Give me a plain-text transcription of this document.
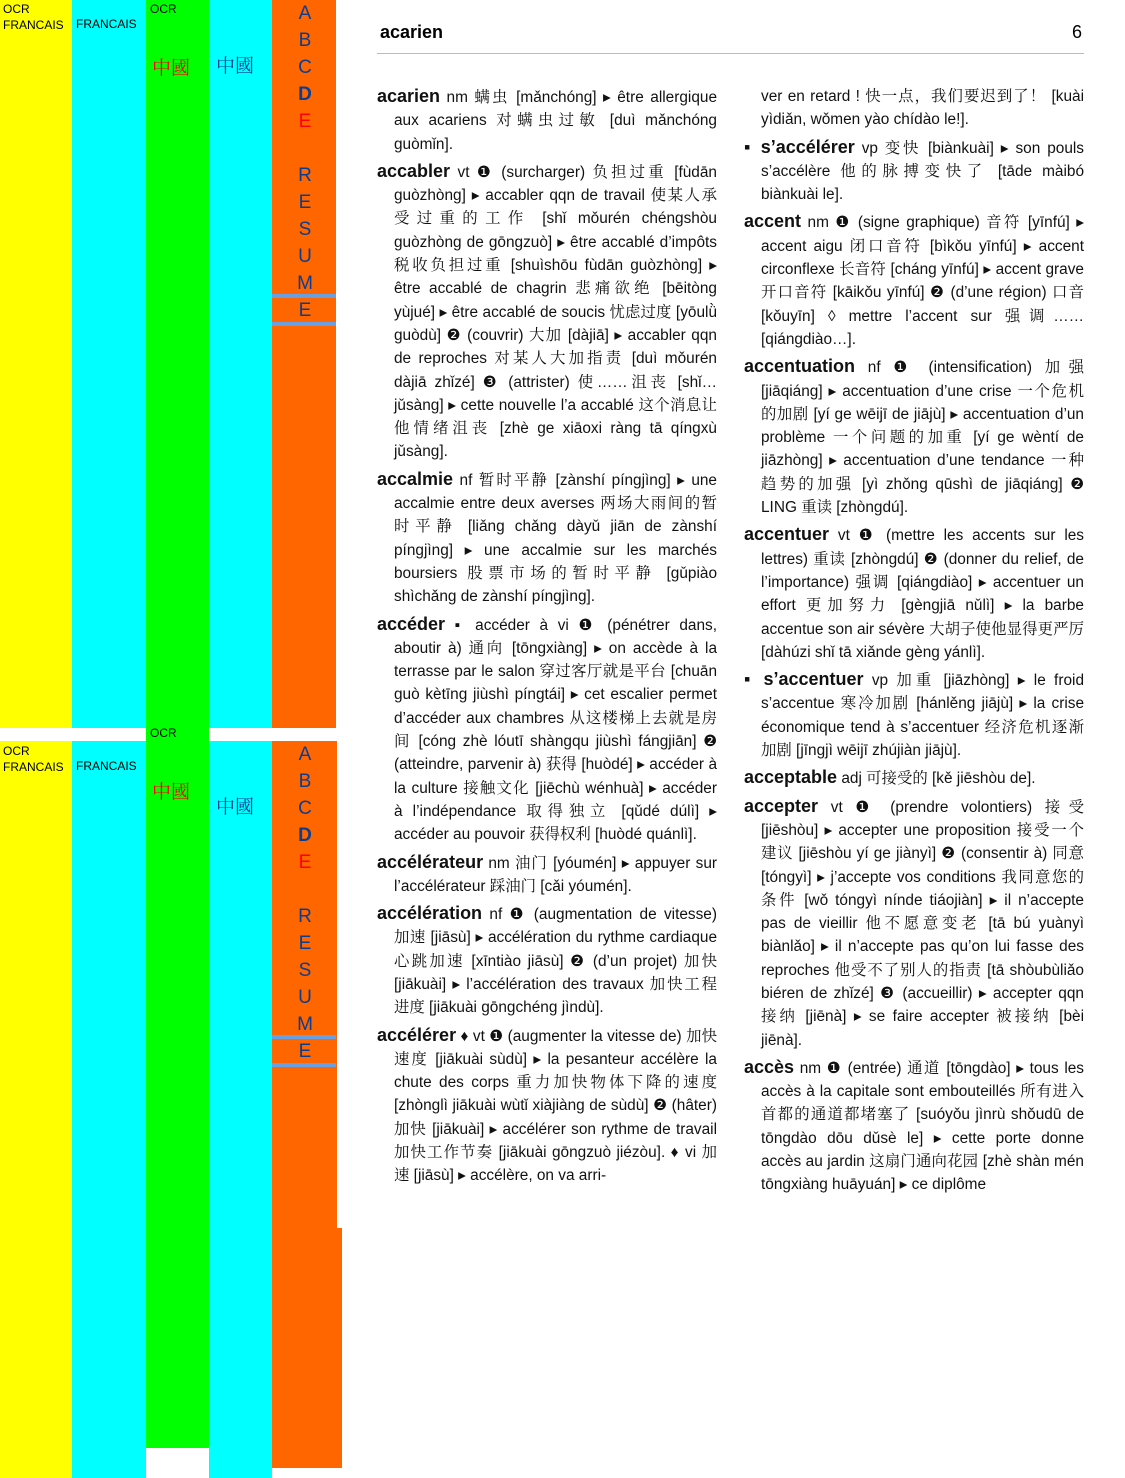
OCR
FRANCAIS FRANCAIS
OCR
中國 中國
A
B
C
D
E
R
E
S
U
M
E
OCR
FRANCAIS FRANCAIS
OCR
中國
中國
A
B
C
D
E
R
E
S
U
M
E
acarien	6
acarien nm 螨虫 [mǎnchóng] ▸ être allergique aux acariens 对螨虫过敏 [duì mǎnchóng guòmǐn].
accabler vt ❶ (surcharger) 负担过重 [fùdān guòzhòng] ▸ accabler qqn de travail 使某人承受过重的工作 [shǐ mǒurén chéngshòu guòzhòng de gōngzuò] ▸ être accablé d’impôts 税收负担过重 [shuìshōu fùdān guòzhòng] ▸ être accablé de chagrin 悲痛欲绝 [bēitòng yùjué] ▸ être accablé de soucis 忧虑过度 [yōulǜ guòdù] ❷ (couvrir) 大加 [dàjiā] ▸ accabler qqn de reproches 对某人大加指责 [duì mǒurén dàjiā zhǐzé] ❸ (attrister) 使……沮丧 [shǐ… jǔsàng] ▸ cette nouvelle l’a accablé 这个消息让他情绪沮丧 [zhè ge xiāoxi ràng tā qíngxù jǔsàng].
accalmie nf 暂时平静 [zànshí píngjìng] ▸ une accalmie entre deux averses 两场大雨间的暂时平静 [liǎng chǎng dàyǔ jiān de zànshí píngjìng] ▸ une accalmie sur les marchés boursiers 股票市场的暂时平静 [gǔpiào shìchǎng de zànshí píngjìng].
accéder ▪ accéder à vi ❶ (pénétrer dans, aboutir à) 通向 [tōngxiàng] ▸ on accède à la terrasse par le salon 穿过客厅就是平台 [chuān guò kètīng jiùshì píngtái] ▸ cet escalier permet d’accéder aux chambres 从这楼梯上去就是房间 [cóng zhè lóutī shàngqu jiùshì fángjiān] ❷ (atteindre, parvenir à) 获得 [huòdé] ▸ accéder à la culture 接触文化 [jiēchù wénhuà] ▸ accéder à l’indépendance 取得独立 [qǔdé dúlì] ▸ accéder au pouvoir 获得权利 [huòdé quánlì].
accélérateur nm 油门 [yóumén] ▸ appuyer sur l’accélérateur 踩油门 [cǎi yóumén].
accélération nf ❶ (augmentation de vitesse) 加速 [jiāsù] ▸ accélération du rythme cardiaque 心跳加速 [xīntiào jiāsù] ❷ (d’un projet) 加快 [jiākuài] ▸ l’accélération des travaux 加快工程进度 [jiākuài gōngchéng jìndù].
accélérer ♦ vt ❶ (augmenter la vitesse de) 加快速度 [jiākuài sùdù] ▸ la pesanteur accélère la chute des corps 重力加快物体下降的速度 [zhònglì jiākuài wùtǐ xiàjiàng de sùdù] ❷ (hâter) 加快 [jiākuài] ▸ accélérer son rythme de travail 加快工作节奏 [jiākuài gōngzuò jiézòu]. ♦ vi 加速 [jiāsù] ▸ accélère, on va arri-
ver en retard ! 快一点，我们要迟到了！ [kuài yìdiǎn, wǒmen yào chídào le!].
▪ s’accélérer vp 变快 [biànkuài] ▸ son pouls s’accélère 他的脉搏变快了 [tāde màibó biànkuài le].
accent nm ❶ (signe graphique) 音符 [yīnfú] ▸ accent aigu 闭口音符 [bìkǒu yīnfú] ▸ accent circonflexe 长音符 [cháng yīnfú] ▸ accent grave 开口音符 [kāikǒu yīnfú] ❷ (d’une région) 口音 [kǒuyīn] ◊ mettre l’accent sur 强调…… [qiángdiào…].
accentuation nf ❶ (intensification) 加强 [jiāqiáng] ▸ accentuation d’une crise 一个危机的加剧 [yí ge wēijī de jiājù] ▸ accentuation d’un problème 一个问题的加重 [yí ge wèntí de jiāzhòng] ▸ accentuation d’une tendance 一种趋势的加强 [yì zhǒng qūshì de jiāqiáng] ❷ LING 重读 [zhòngdú].
accentuer vt ❶ (mettre les accents sur les lettres) 重读 [zhòngdú] ❷ (donner du relief, de l’importance) 强调 [qiángdiào] ▸ accentuer un effort 更加努力 [gèngjiā nǔlì] ▸ la barbe accentue son air sévère 大胡子使他显得更严厉 [dàhúzi shǐ tā xiǎnde gèng yánlì].
▪ s’accentuer vp 加重 [jiāzhòng] ▸ le froid s’accentue 寒冷加剧 [hánlěng jiājù] ▸ la crise économique tend à s’accentuer 经济危机逐渐加剧 [jīngjì wēijī zhújiàn jiājù].
acceptable adj 可接受的 [kě jiēshòu de].
accepter vt ❶ (prendre volontiers) 接受 [jiēshòu] ▸ accepter une proposition 接受一个建议 [jiēshòu yí ge jiànyì] ❷ (consentir à) 同意 [tóngyì] ▸ j’accepte vos conditions 我同意您的条件 [wǒ tóngyì nínde tiáojiàn] ▸ il n’accepte pas de vieillir 他不愿意变老 [tā bú yuànyì biànlǎo] ▸ il n’accepte pas qu’on lui fasse des reproches 他受不了别人的指责 [tā shòubùliǎo biéren de zhǐzé] ❸ (accueillir) ▸ accepter qqn 接纳 [jiēnà] ▸ se faire accepter 被接纳 [bèi jiēnà].
accès nm ❶ (entrée) 通道 [tōngdào] ▸ tous les accès à la capitale sont embouteillés 所有进入首都的通道都堵塞了 [suóyǒu jìnrù shǒudū de tōngdào dōu dǔsè le] ▸ cette porte donne accès au jardin 这扇门通向花园 [zhè shàn mén tōngxiàng huāyuán] ▸ ce diplôme
